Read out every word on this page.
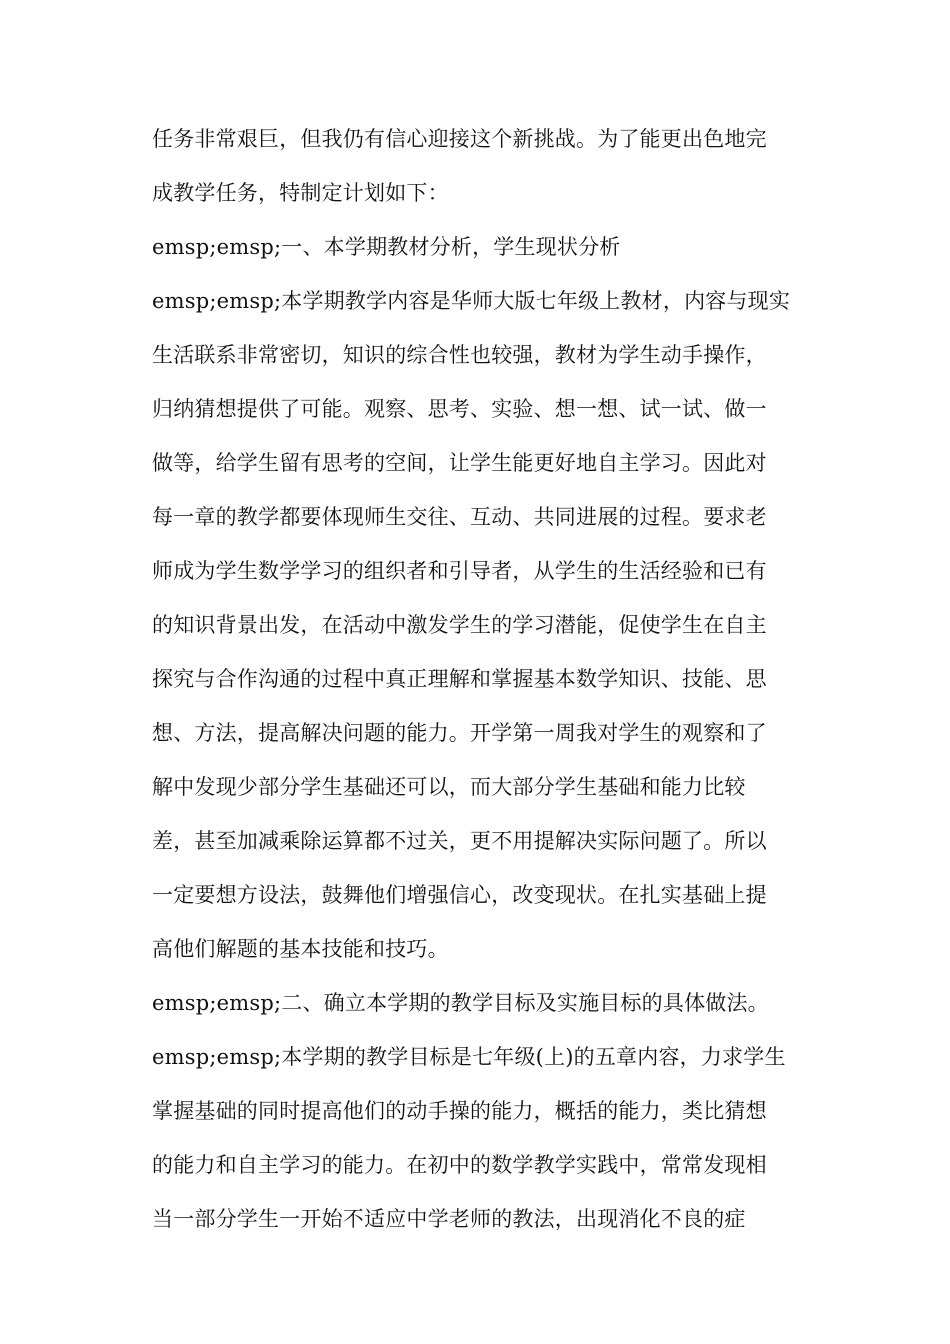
任务非常艰巨，但我仍有信心迎接这个新挑战。为了能更出色地完
成教学任务，特制定计划如下：
emsp;emsp;一、本学期教材分析，学生现状分析
emsp;emsp;本学期教学内容是华师大版七年级上教材，内容与现实
生活联系非常密切，知识的综合性也较强，教材为学生动手操作，
归纳猜想提供了可能。观察、思考、实验、想一想、试一试、做一
做等，给学生留有思考的空间，让学生能更好地自主学习。因此对
每一章的教学都要体现师生交往、互动、共同进展的过程。要求老
师成为学生数学学习的组织者和引导者，从学生的生活经验和已有
的知识背景出发，在活动中激发学生的学习潜能，促使学生在自主
探究与合作沟通的过程中真正理解和掌握基本数学知识、技能、思
想、方法，提高解决问题的能力。开学第一周我对学生的观察和了
解中发现少部分学生基础还可以，而大部分学生基础和能力比较
差，甚至加减乘除运算都不过关，更不用提解决实际问题了。所以
一定要想方设法，鼓舞他们增强信心，改变现状。在扎实基础上提
高他们解题的基本技能和技巧。
emsp;emsp;二、确立本学期的教学目标及实施目标的具体做法。
emsp;emsp;本学期的教学目标是七年级(上)的五章内容，力求学生
掌握基础的同时提高他们的动手操的能力，概括的能力，类比猜想
的能力和自主学习的能力。在初中的数学教学实践中，常常发现相
当一部分学生一开始不适应中学老师的教法，出现消化不良的症
